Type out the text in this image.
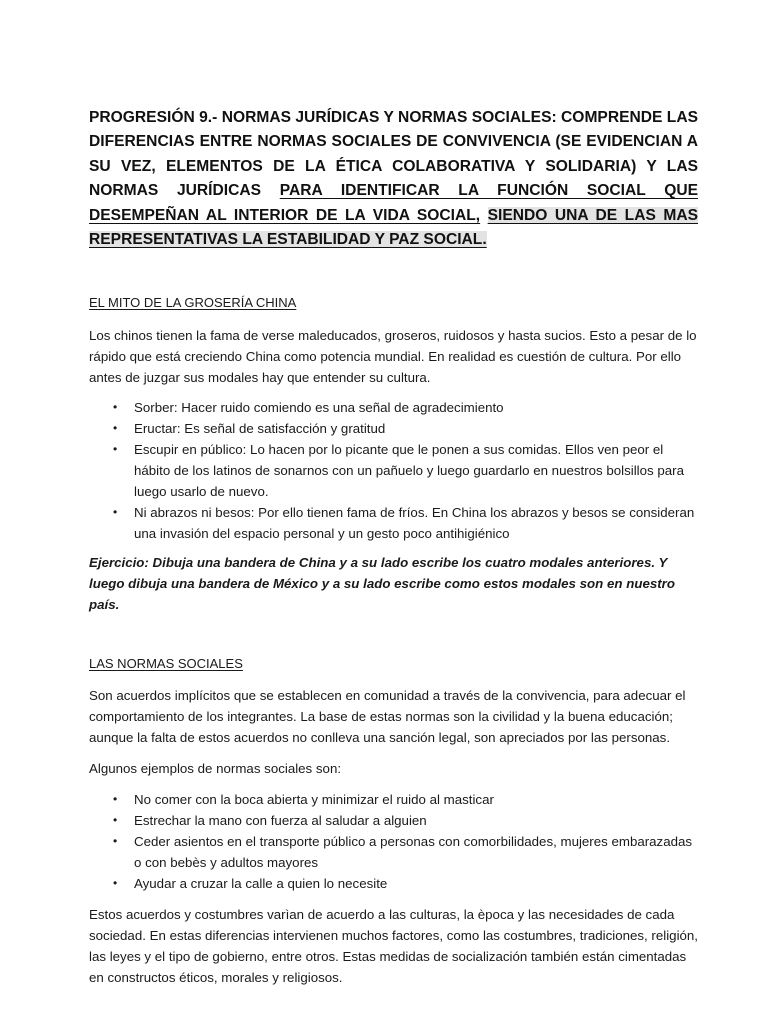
PROGRESIÓN 9.- NORMAS JURÍDICAS Y NORMAS SOCIALES: COMPRENDE LAS DIFERENCIAS ENTRE NORMAS SOCIALES DE CONVIVENCIA (SE EVIDENCIAN A SU VEZ, ELEMENTOS DE LA ÉTICA COLABORATIVA Y SOLIDARIA) Y LAS NORMAS JURÍDICAS PARA IDENTIFICAR LA FUNCIÓN SOCIAL QUE DESEMPEÑAN AL INTERIOR DE LA VIDA SOCIAL, SIENDO UNA DE LAS MAS REPRESENTATIVAS LA ESTABILIDAD Y PAZ SOCIAL.
EL MITO DE LA GROSERÍA CHINA

Los chinos tienen la fama de verse maleducados, groseros, ruidosos y hasta sucios. Esto a pesar de lo rápido que está creciendo China como potencia mundial. En realidad es cuestión de cultura. Por ello antes de juzgar sus modales hay que entender su cultura.

• Sorber: Hacer ruido comiendo es una señal de agradecimiento
• Eructar: Es señal de satisfacción y gratitud
• Escupir en público: Lo hacen por lo picante que le ponen a sus comidas. Ellos ven peor el hábito de los latinos de sonarnos con un pañuelo y luego guardarlo en nuestros bolsillos para luego usarlo de nuevo.
• Ni abrazos ni besos: Por ello tienen fama de fríos. En China los abrazos y besos se consideran una invasión del espacio personal y un gesto poco antihigiénico

Ejercicio: Dibuja una bandera de China y a su lado escribe los cuatro modales anteriores. Y luego dibuja una bandera de México y a su lado escribe como estos modales son en nuestro país.

LAS NORMAS SOCIALES

Son acuerdos implícitos que se establecen en comunidad a través de la convivencia, para adecuar el comportamiento de los integrantes. La base de estas normas son la civilidad y la buena educación; aunque la falta de estos acuerdos no conlleva una sanción legal, son apreciados por las personas.

Algunos ejemplos de normas sociales son:

• No comer con la boca abierta y minimizar el ruido al masticar
• Estrechar la mano con fuerza al saludar a alguien
• Ceder asientos en el transporte público a personas con comorbilidades, mujeres embarazadas o con bebès y adultos mayores
• Ayudar a cruzar la calle a quien lo necesite

Estos acuerdos y costumbres varìan de acuerdo a las culturas, la època y las necesidades de cada sociedad. En estas diferencias intervienen muchos factores, como las costumbres, tradiciones, religión, las leyes y el tipo de gobierno, entre otros. Estas medidas de socialización también están cimentadas en constructos éticos, morales y religiosos.
